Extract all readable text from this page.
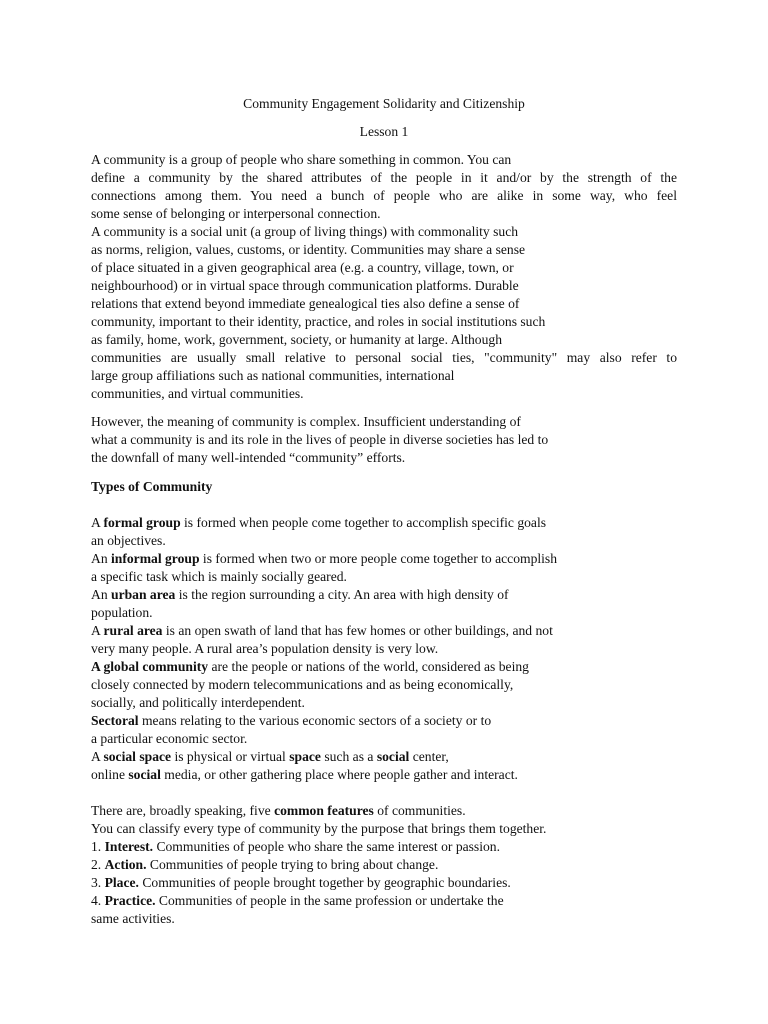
Community Engagement Solidarity and Citizenship

Lesson 1

A community is a group of people who share something in common. You can
define a community by the shared attributes of the people in it and/or by the strength of the
connections among them. You need a bunch of people who are alike in some way, who feel
some sense of belonging or interpersonal connection.
A community is a social unit (a group of living things) with commonality such
as norms, religion, values, customs, or identity. Communities may share a sense
of place situated in a given geographical area (e.g. a country, village, town, or
neighbourhood) or in virtual space through communication platforms. Durable
relations that extend beyond immediate genealogical ties also define a sense of
community, important to their identity, practice, and roles in social institutions such
as family, home, work, government, society, or humanity at large. Although
communities are usually small relative to personal social ties, "community" may also refer to
large group affiliations such as national communities, international
communities, and virtual communities.
However, the meaning of community is complex. Insufficient understanding of
what a community is and its role in the lives of people in diverse societies has led to
the downfall of many well-intended “community” efforts.

Types of Community

A formal group is formed when people come together to accomplish specific goals
an objectives.
An informal group is formed when two or more people come together to accomplish
a specific task which is mainly socially geared.
An urban area is the region surrounding a city. An area with high density of
population.
A rural area is an open swath of land that has few homes or other buildings, and not
very many people. A rural area’s population density is very low.
A global community are the people or nations of the world, considered as being
closely connected by modern telecommunications and as being economically,
socially, and politically interdependent.
Sectoral means relating to the various economic sectors of a society or to
a particular economic sector.
A social space is physical or virtual space such as a social center,
online social media, or other gathering place where people gather and interact.
There are, broadly speaking, five common features of communities.
You can classify every type of community by the purpose that brings them together.
1. Interest. Communities of people who share the same interest or passion.
2. Action. Communities of people trying to bring about change.
3. Place. Communities of people brought together by geographic boundaries.
4. Practice. Communities of people in the same profession or undertake the
same activities.
